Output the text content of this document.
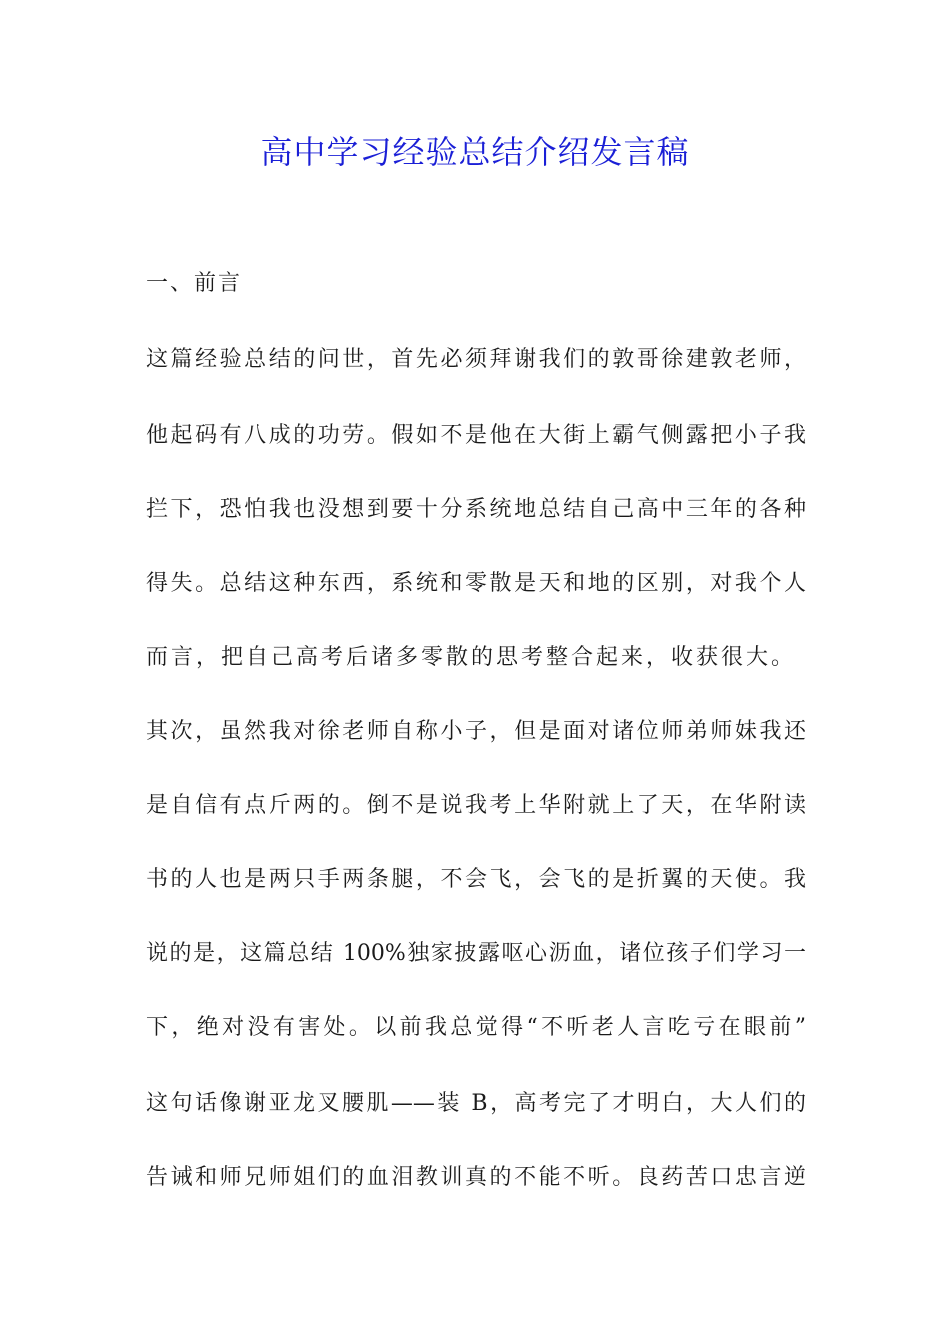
高中学习经验总结介绍发言稿
一、前言
这篇经验总结的问世，首先必须拜谢我们的敦哥徐建敦老师，
他起码有八成的功劳。假如不是他在大街上霸气侧露把小子我
拦下，恐怕我也没想到要十分系统地总结自己高中三年的各种
得失。总结这种东西，系统和零散是天和地的区别，对我个人
而言，把自己高考后诸多零散的思考整合起来，收获很大。
其次，虽然我对徐老师自称小子，但是面对诸位师弟师妹我还
是自信有点斤两的。倒不是说我考上华附就上了天，在华附读
书的人也是两只手两条腿，不会飞，会飞的是折翼的天使。我
说的是，这篇总结 100%独家披露呕心沥血，诸位孩子们学习一
下，绝对没有害处。以前我总觉得“不听老人言吃亏在眼前”
这句话像谢亚龙叉腰肌——装 B，高考完了才明白，大人们的
告诫和师兄师姐们的血泪教训真的不能不听。良药苦口忠言逆
